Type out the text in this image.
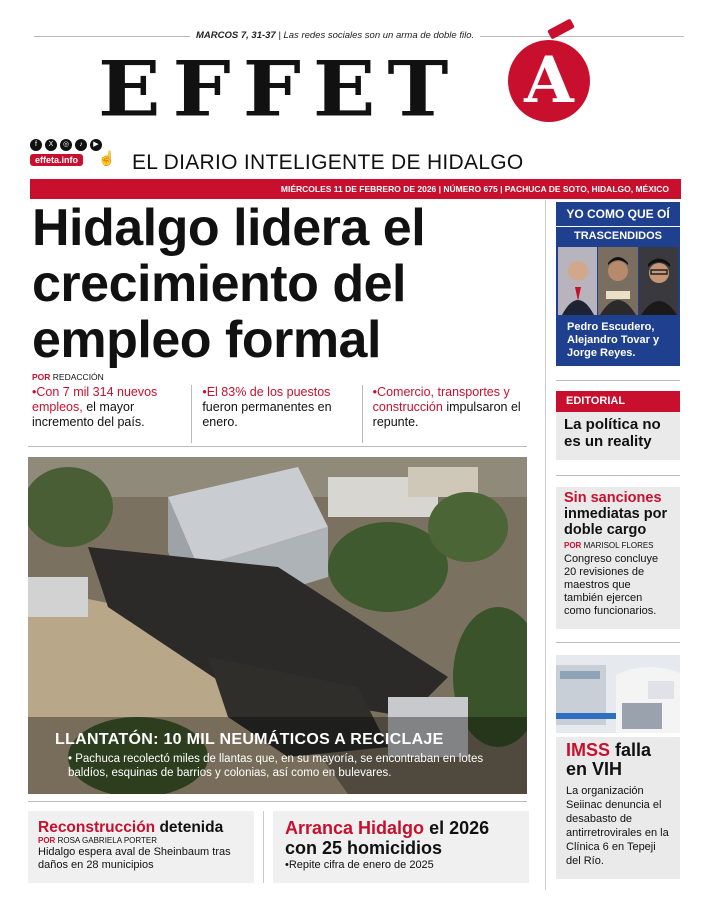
MARCOS 7, 31-37 | Las redes sociales son un arma de doble filo.
EFFET A
f	X	◎	♪	▶
effeta.info	☝ EL DIARIO INTELIGENTE DE HIDALGO
MIÉRCOLES 11 DE FEBRERO DE 2026 | NÚMERO 675 | PACHUCA DE SOTO, HIDALGO, MÉXICO
Hidalgo lidera el crecimiento del empleo formal
POR REDACCIÓN
•Con 7 mil 314 nuevos empleos, el mayor incremento del país.
•El 83% de los puestos fueron permanentes en enero.
•Comercio, transportes y construcción impulsaron el repunte.
LLANTATÓN: 10 MIL NEUMÁTICOS A RECICLAJE
• Pachuca recolectó miles de llantas que, en su mayoría, se encontraban en lotes baldíos, esquinas de barrios y colonias, así como en bulevares.
Reconstrucción detenida
POR ROSA GABRIELA PORTER
Hidalgo espera aval de Sheinbaum tras daños en 28 municipios
Arranca Hidalgo el 2026 con 25 homicidios
•Repite cifra de enero de 2025
YO COMO QUE OÍ
TRASCENDIDOS
Pedro Escudero, Alejandro Tovar y Jorge Reyes.
EDITORIAL
La política no es un reality
Sin sanciones inmediatas por doble cargo
POR MARISOL FLORES
Congreso concluye 20 revisiones de maestros que también ejercen como funcionarios.
IMSS falla en VIH
La organización Seiinac denuncia el desabasto de antirretrovirales en la Clínica 6 en Tepeji del Río.
